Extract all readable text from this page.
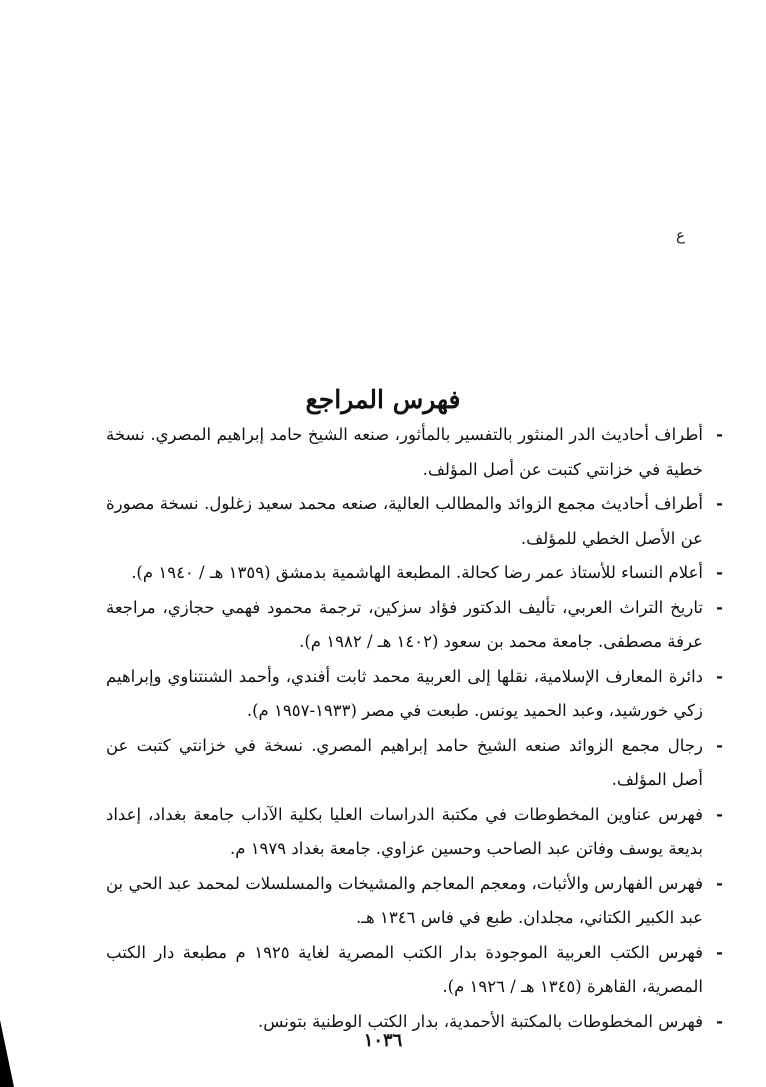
ع
فهرس المراجع
-
أطراف أحاديث الدر المنثور بالتفسير بالمأثور، صنعه الشيخ حامد إبراهيم المصري. نسخة خطية في خزانتي كتبت عن أصل المؤلف.
-
أطراف أحاديث مجمع الزوائد والمطالب العالية، صنعه محمد سعيد زغلول. نسخة مصورة عن الأصل الخطي للمؤلف.
-
أعلام النساء للأستاذ عمر رضا كحالة. المطبعة الهاشمية بدمشق (١٣٥٩ هـ / ١٩٤٠ م).
-
تاريخ التراث العربي، تأليف الدكتور فؤاد سزكين، ترجمة محمود فهمي حجازي، مراجعة عرفة مصطفى. جامعة محمد بن سعود (١٤٠٢ هـ / ١٩٨٢ م).
-
دائرة المعارف الإسلامية، نقلها إلى العربية محمد ثابت أفندي، وأحمد الشنتناوي وإبراهيم زكي خورشيد، وعبد الحميد يونس. طبعت في مصر (١٩٣٣-١٩٥٧ م).
-
رجال مجمع الزوائد صنعه الشيخ حامد إبراهيم المصري. نسخة في خزانتي كتبت عن أصل المؤلف.
-
فهرس عناوين المخطوطات في مكتبة الدراسات العليا بكلية الآداب جامعة بغداد، إعداد بديعة يوسف وفاتن عبد الصاحب وحسين عزاوي. جامعة بغداد ١٩٧٩ م.
-
فهرس الفهارس والأثبات، ومعجم المعاجم والمشيخات والمسلسلات لمحمد عبد الحي بن عبد الكبير الكتاني، مجلدان. طبع في فاس ١٣٤٦ هـ.
-
فهرس الكتب العربية الموجودة بدار الكتب المصرية لغاية ١٩٢٥ م مطبعة دار الكتب المصرية، القاهرة (١٣٤٥ هـ / ١٩٢٦ م).
-
فهرس المخطوطات بالمكتبة الأحمدية، بدار الكتب الوطنية بتونس.
١٠٣٦
